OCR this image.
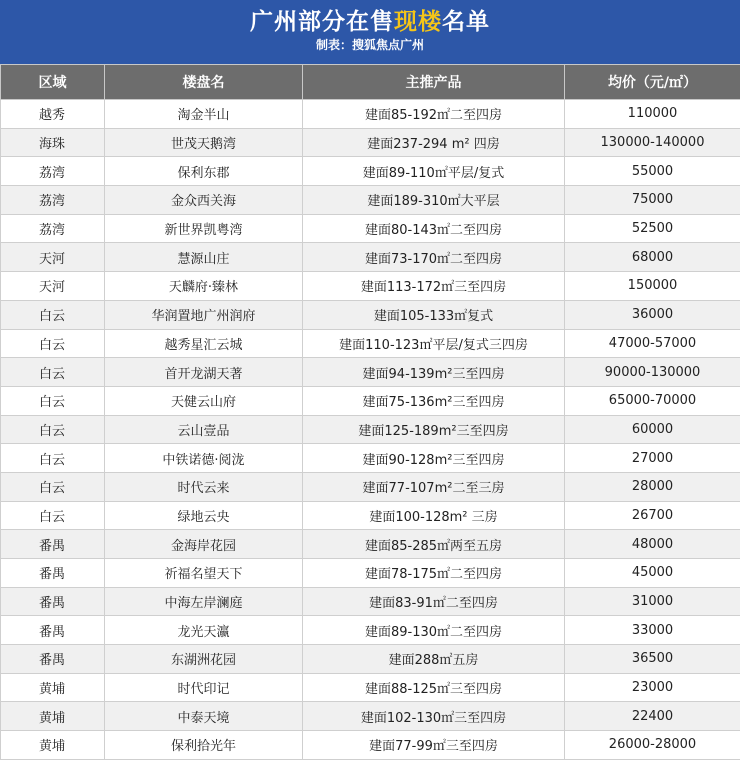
广州部分在售现楼名单
制表：搜狐焦点广州
区域	楼盘名	主推产品	均价（元/㎡）
越秀	淘金半山	建面85-192㎡二至四房	110000
海珠	世茂天鹅湾	建面237-294 m² 四房	130000-140000
荔湾	保利东郡	建面89-110㎡平层/复式	55000
荔湾	金众西关海	建面189-310㎡大平层	75000
荔湾	新世界凯粤湾	建面80-143㎡二至四房	52500
天河	慧源山庄	建面73-170㎡二至四房	68000
天河	天麟府·臻林	建面113-172㎡三至四房	150000
白云	华润置地广州润府	建面105-133㎡复式	36000
白云	越秀星汇云城	建面110-123㎡平层/复式三四房	47000-57000
白云	首开龙湖天著	建面94-139m²三至四房	90000-130000
白云	天健云山府	建面75-136m²三至四房	65000-70000
白云	云山壹品	建面125-189m²三至四房	60000
白云	中铁诺德·阅泷	建面90-128m²三至四房	27000
白云	时代云来	建面77-107m²二至三房	28000
白云	绿地云央	建面100-128m² 三房	26700
番禺	金海岸花园	建面85-285㎡两至五房	48000
番禺	祈福名望天下	建面78-175㎡二至四房	45000
番禺	中海左岸澜庭	建面83-91㎡二至四房	31000
番禺	龙光天瀛	建面89-130㎡二至四房	33000
番禺	东湖洲花园	建面288㎡五房	36500
黄埔	时代印记	建面88-125㎡三至四房	23000
黄埔	中泰天境	建面102-130㎡三至四房	22400
黄埔	保利拾光年	建面77-99㎡三至四房	26000-28000
